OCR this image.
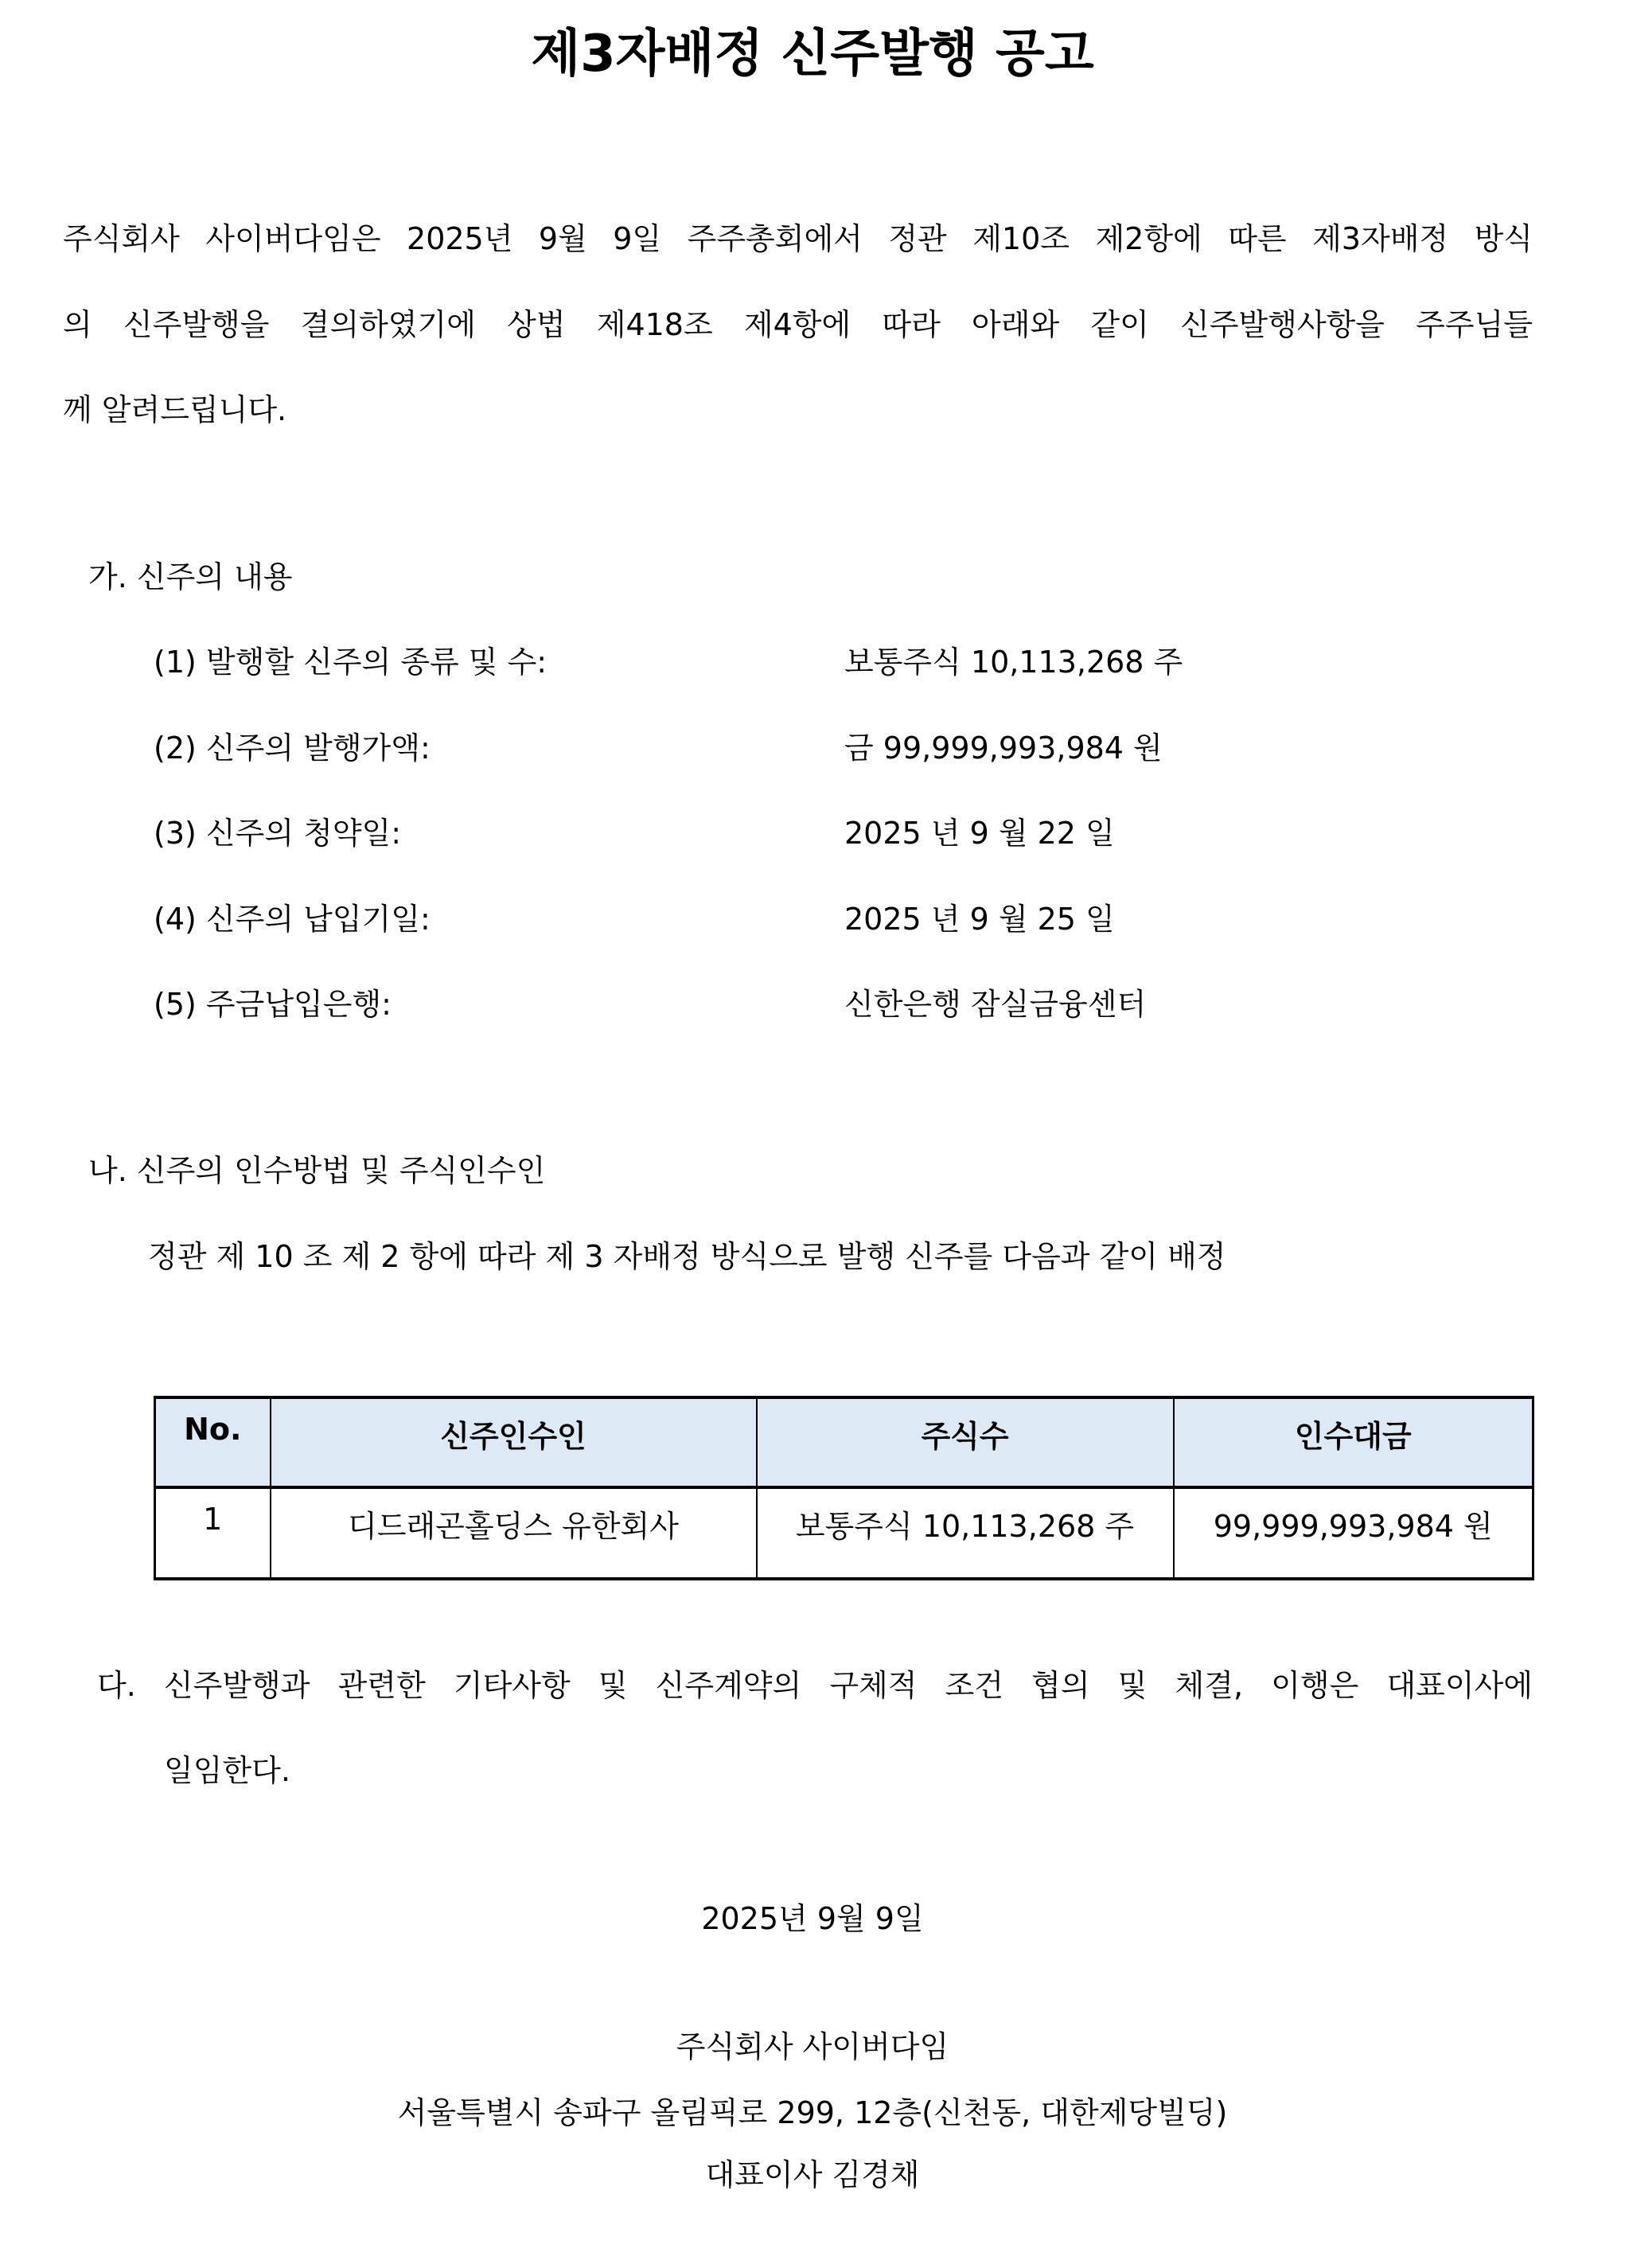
제3자배정 신주발행 공고
주식회사 사이버다임은 2025년 9월 9일 주주총회에서 정관 제10조 제2항에 따른 제3자배정 방식
의 신주발행을 결의하였기에 상법 제418조 제4항에 따라 아래와 같이 신주발행사항을 주주님들
께 알려드립니다.
가. 신주의 내용
(1) 발행할 신주의 종류 및 수:	보통주식 10,113,268 주
(2) 신주의 발행가액:	금 99,999,993,984 원
(3) 신주의 청약일:	2025 년 9 월 22 일
(4) 신주의 납입기일:	2025 년 9 월 25 일
(5) 주금납입은행:	신한은행 잠실금융센터
나. 신주의 인수방법 및 주식인수인
정관 제 10 조 제 2 항에 따라 제 3 자배정 방식으로 발행 신주를 다음과 같이 배정
No.	신주인수인	주식수	인수대금
1	디드래곤홀딩스 유한회사	보통주식 10,113,268 주	99,999,993,984 원
다. 신주발행과 관련한 기타사항 및 신주계약의 구체적 조건 협의 및 체결, 이행은 대표이사에
일임한다.
2025년 9월 9일
주식회사 사이버다임
서울특별시 송파구 올림픽로 299, 12층(신천동, 대한제당빌딩)
대표이사 김경채
